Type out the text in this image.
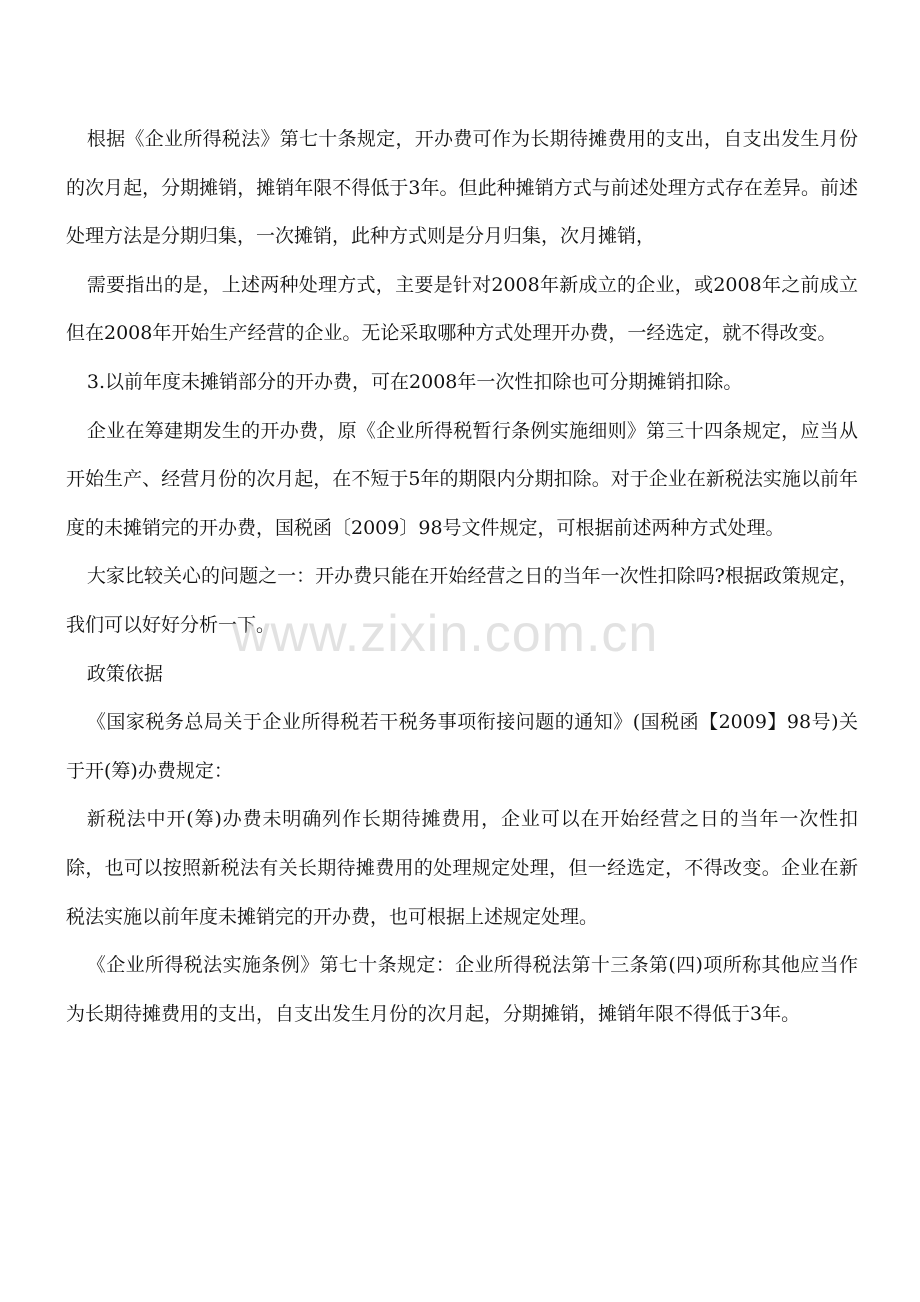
根据《企业所得税法》第七十条规定，开办费可作为长期待摊费用的支出，自支出发生月份的次月起，分期摊销，摊销年限不得低于3年。但此种摊销方式与前述处理方式存在差异。前述处理方法是分期归集，一次摊销，此种方式则是分月归集，次月摊销，

需要指出的是，上述两种处理方式，主要是针对2008年新成立的企业，或2008年之前成立但在2008年开始生产经营的企业。无论采取哪种方式处理开办费，一经选定，就不得改变。

3.以前年度未摊销部分的开办费，可在2008年一次性扣除也可分期摊销扣除。

企业在筹建期发生的开办费，原《企业所得税暂行条例实施细则》第三十四条规定，应当从开始生产、经营月份的次月起，在不短于5年的期限内分期扣除。对于企业在新税法实施以前年度的未摊销完的开办费，国税函〔2009〕98号文件规定，可根据前述两种方式处理。

大家比较关心的问题之一：开办费只能在开始经营之日的当年一次性扣除吗?根据政策规定，我们可以好好分析一下。

政策依据

《国家税务总局关于企业所得税若干税务事项衔接问题的通知》(国税函【2009】98号)关于开(筹)办费规定：

新税法中开(筹)办费未明确列作长期待摊费用，企业可以在开始经营之日的当年一次性扣除，也可以按照新税法有关长期待摊费用的处理规定处理，但一经选定，不得改变。企业在新税法实施以前年度未摊销完的开办费，也可根据上述规定处理。

《企业所得税法实施条例》第七十条规定：企业所得税法第十三条第(四)项所称其他应当作为长期待摊费用的支出，自支出发生月份的次月起，分期摊销，摊销年限不得低于3年。

www.zixin.com.cn
